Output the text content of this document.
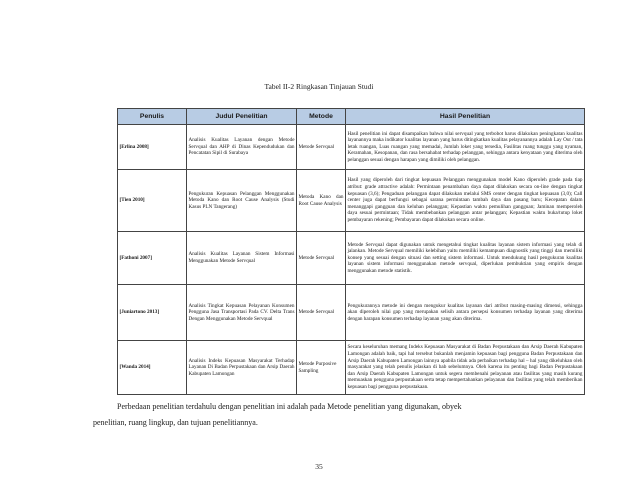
Tabel II-2 Ringkasan Tinjauan Studi
Penulis	Judul Penelitian	Metode	Hasil Penelitian
[Erlina 2008]	Analisis Kualitas Layanan dengan Metode Servqual dan AHP di Dinas Kependudukan dan Pencatatan Sipil di Surabaya	Metode Servqual	Hasil penelitian ini dapat disampaikan bahwa nilai servqual yang terbobot harus dilakukan peningkatan kualitas layanannya maka indikator kualitas layanan yang harus ditingkatkan kualitas pelayanannya adalah Lay Out / tata letak ruangan, Luas ruangan yang memadai, Jumlah loket yang tersedia, Fasilitas ruang tunggu yang nyaman, Keramahan, Kesopanan, dan rasa bersahabat terhadap pelanggan, sehingga antara kenyataan yang diterima oleh pelanggan sesuai dengan harapan yang dimiliki oleh pelanggan.
[Tien 2010]	Pengukuran Kepuasan Pelanggan Menggunakan Metoda Kano dan Root Cause Analysis (Studi Kasus PLN Tangerang)	Metoda Kano dan Root Cause Analysis	Hasil yang diperoleh dari tingkat kepuasan Pelanggan menggunakan model Kano diperoleh grade pada tiap atribut: grade attractive adalah: Permintaan penambahan daya dapat dilakukan secara on-line dengan tingkat kepuasan (3,6); Pengaduan pelanggan dapat dilakukan melalui SMS center dengan tingkat kepuasan (3,0); Call center juga dapat berfungsi sebagai sarana permintaan tambah daya dan pasang baru; Kecepatan dalam menanggapi gangguan dan keluhan pelanggan; Kepastian waktu pemulihan gangguan; Jaminan memperoleh daya sesuai permintaan; Tidak membebankan pelanggan antar pelanggan; Kepastian waktu buka/tutup loket pembayaran rekening; Pembayaran dapat dilakukan secara online.
[Fathoni 2007]	Analisis Kualitas Layanan Sistem Informasi Menggunakan Metode Servqual	Metode Servqual	Metode Servqual dapat digunakan untuk mengetahui tingkat kualitas layanan sistem informasi yang telah di jalankan. Metode Servqual memiliki kelebihan yaitu memiliki kemampuan diagnostik yang tinggi dan memiliki konsep yang sesuai dengan situasi dan setting sistem informasi. Untuk mendukung hasil pengukuran kualitas layanan sistem informasi menggunakan metode servqual, diperlukan pembuktian yang empiris dengan menggunakan metode statistik.
[Juniartono 2013]	Analisis Tingkat Kepuasan Pelayanan Konsumen Pengguna Jasa Transportasi Pada CV. Delta Trans Dengan Menggunakan Metode Servqual	Metode Servqual	Pengukurannya metode ini dengan mengukur kualitas layanan dari atribut masing-masing dimensi, sehingga akan diperoleh nilai gap yang merupakan selisih antara persepsi konsumen terhadap layanan yang diterima dengan harapan konsumen terhadap layanan yang akan diterima.
[Wanda 2014]	Analisis Indeks Kepuasan Masyarakat Terhadap Layanan Di Badan Perpustakaan dan Arsip Daerah Kabupaten Lamongan	Metode Purposive Sampling	Secara keseluruhan memang Indeks Kepuasan Masyarakat di Badan Perpustakaan dan Arsip Daerah Kabupaten Lamongan adalah baik, tapi hal tersebut bukanlah menjamin kepuasan bagi pengguna Badan Perpustakaan dan Arsip Daerah Kabupaten Lamongan lainnya apabila tidak ada perbaikan terhadap hal – hal yang dikeluhkan oleh masyarakat yang telah penulis jelaskan di bab sebelumnya. Oleh karena itu penting bagi Badan Perpustakaan dan Arsip Daerah Kabupaten Lamongan untuk segera membenahi pelayanan atau fasilitas yang masih kurang memuaskan pengguna perpustakaan serta tetap mempertahankan pelayanan dan fasilitas yang telah memberikan kepuasan bagi pengguna perpustakaan.
Perbedaan penelitian terdahulu dengan penelitian ini adalah pada Metode penelitian yang digunakan, obyek
penelitian, ruang lingkup, dan tujuan penelitiannya.
35
